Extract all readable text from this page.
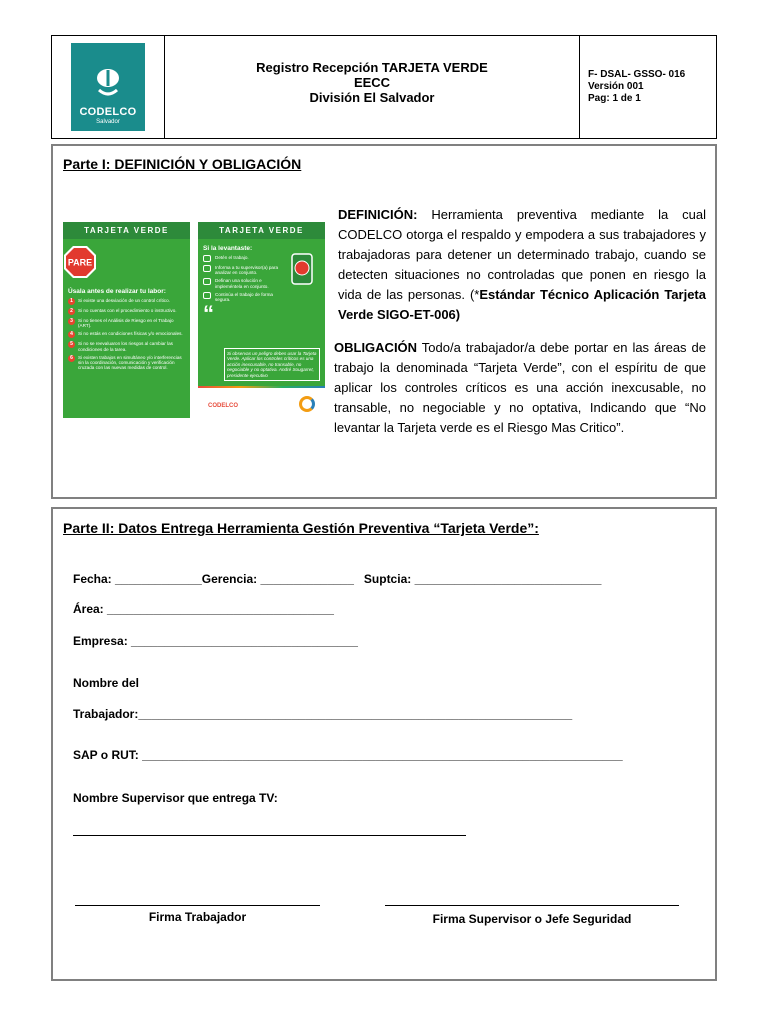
CODELCO
Salvador
Registro Recepción TARJETA VERDE
EECC
División El Salvador
F- DSAL- GSSO- 016
Versión 001
Pag: 1 de 1
Parte I: DEFINICIÓN Y OBLIGACIÓN
TARJETA VERDE
PARE
Úsala antes de realizar tu labor:
1	Si existe una desviación de un control crítico.
2	Si no cuentas con el procedimiento o instructivo.
3	Si no tienes el Análisis de Riesgo en el Trabajo (ART).
4	Si no estás en condiciones físicas y/o emocionales.
5	Si no se reevaluaron los riesgos al cambiar las condiciones de la tarea.
6	Si existen trabajos en simultáneo y/o interferencias sin la coordinación, comunicación y verificación cruzada con las nuevas medidas de control.
TARJETA VERDE
Si la levantaste:
Detén el trabajo.
Informa a tu supervisor(a) para analizar en conjunto.
Definan una solución e impleméntela en conjunto.
Continúa el trabajo de forma segura.
“
Si observas un peligro debes usar la Tarjeta Verde. Aplicar los controles críticos es una acción inexcusable, no transable, no negociable y no optativa. André Sougarret, presidente ejecutivo
CODELCO
DEFINICIÓN: Herramienta preventiva mediante la cual CODELCO otorga el respaldo y empodera a sus trabajadores y trabajadoras para detener un determinado trabajo, cuando se detecten situaciones no controladas que ponen en riesgo la vida de las personas. (*Estándar Técnico Aplicación Tarjeta Verde SIGO-ET-006)
OBLIGACIÓN Todo/a trabajador/a debe portar en las áreas de trabajo la denominada “Tarjeta Verde”, con el espíritu de que aplicar los controles críticos es una acción inexcusable, no transable, no negociable y no optativa, Indicando que “No levantar la Tarjeta verde es el Riesgo Mas Critico”.
Parte II: Datos Entrega Herramienta Gestión Preventiva “Tarjeta Verde”:
Fecha: _____________Gerencia: ______________   Suptcia: ____________________________
Área: __________________________________
Empresa: __________________________________
Nombre del
Trabajador:_________________________________________________________________
SAP o RUT: ________________________________________________________________________
Nombre Supervisor que entrega TV:
Firma Trabajador	Firma Supervisor o Jefe Seguridad
